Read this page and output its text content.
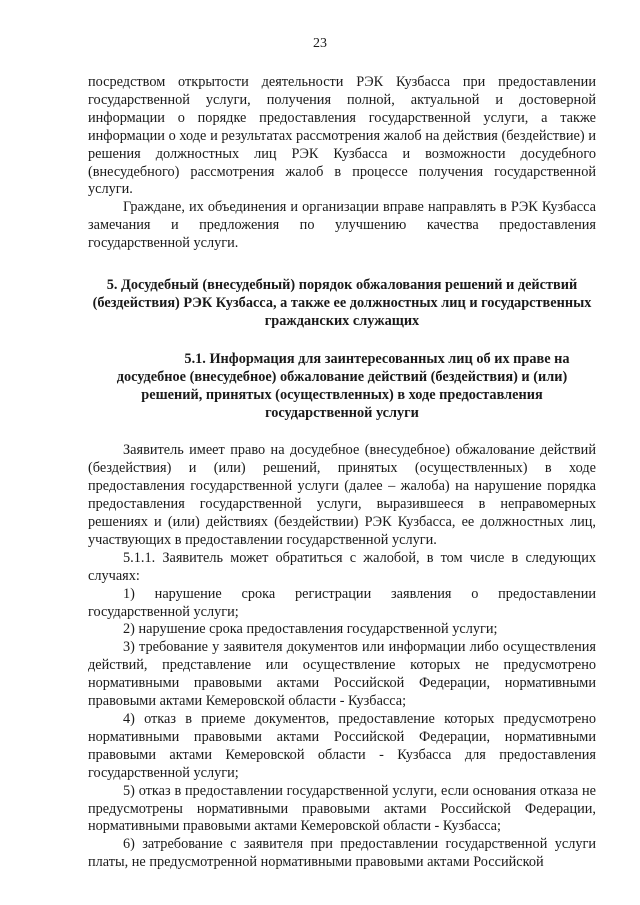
23

посредством открытости деятельности РЭК Кузбасса при предоставлении государственной услуги, получения полной, актуальной и достоверной информации о порядке предоставления государственной услуги, а также информации о ходе и результатах рассмотрения жалоб на действия (бездействие) и решения должностных лиц РЭК Кузбасса и возможности досудебного (внесудебного) рассмотрения жалоб в процессе получения государственной услуги.

Граждане, их объединения и организации вправе направлять в РЭК Кузбасса замечания и предложения по улучшению качества предоставления государственной услуги.

5. Досудебный (внесудебный) порядок обжалования решений и действий (бездействия) РЭК Кузбасса, а также ее должностных лиц и государственных гражданских служащих

5.1. Информация для заинтересованных лиц об их праве на досудебное (внесудебное) обжалование действий (бездействия) и (или) решений, принятых (осуществленных) в ходе предоставления государственной услуги

Заявитель имеет право на досудебное (внесудебное) обжалование действий (бездействия) и (или) решений, принятых (осуществленных) в ходе предоставления государственной услуги (далее – жалоба) на нарушение порядка предоставления государственной услуги, выразившееся в неправомерных решениях и (или) действиях (бездействии) РЭК Кузбасса, ее должностных лиц, участвующих в предоставлении государственной услуги.

5.1.1. Заявитель может обратиться с жалобой, в том числе в следующих случаях:

1) нарушение срока регистрации заявления о предоставлении государственной услуги;

2) нарушение срока предоставления государственной услуги;

3) требование у заявителя документов или информации либо осуществления действий, представление или осуществление которых не предусмотрено нормативными правовыми актами Российской Федерации, нормативными правовыми актами Кемеровской области - Кузбасса;

4) отказ в приеме документов, предоставление которых предусмотрено нормативными правовыми актами Российской Федерации, нормативными правовыми актами Кемеровской области - Кузбасса для предоставления государственной услуги;

5) отказ в предоставлении государственной услуги, если основания отказа не предусмотрены нормативными правовыми актами Российской Федерации, нормативными правовыми актами Кемеровской области - Кузбасса;

6) затребование с заявителя при предоставлении государственной услуги платы, не предусмотренной нормативными правовыми актами Российской
